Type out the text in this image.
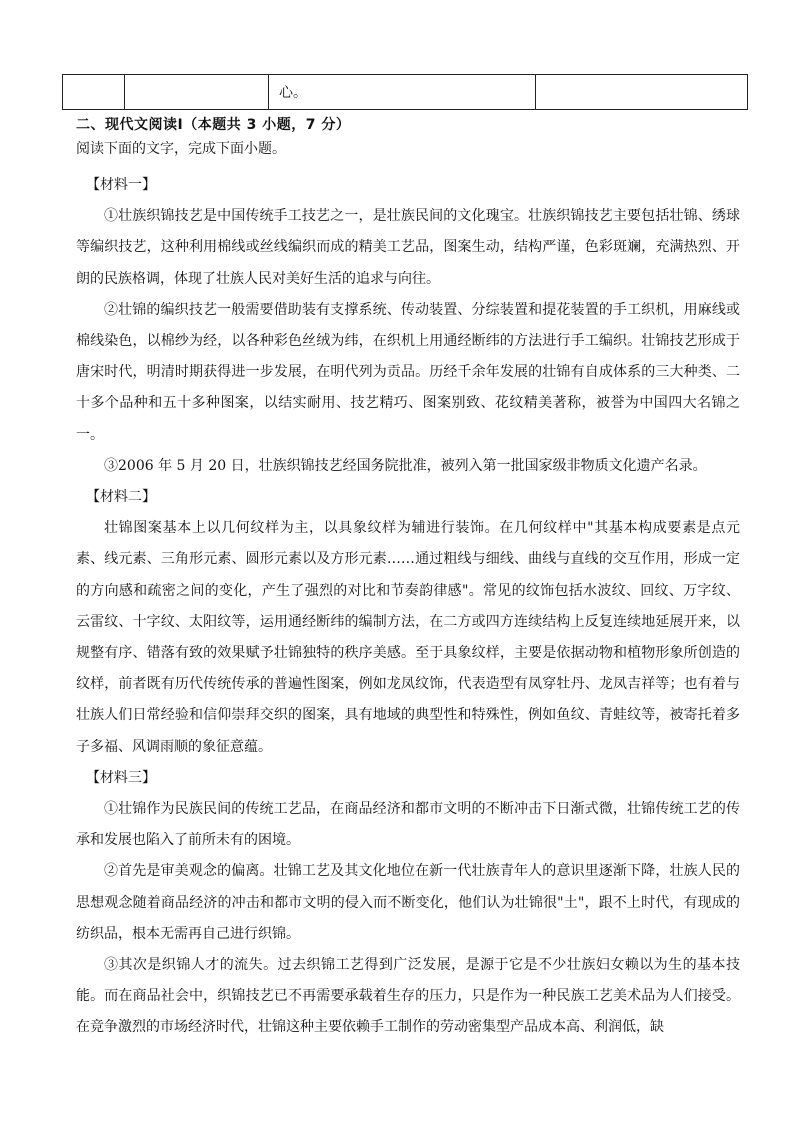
		心。	
二、现代文阅读Ⅰ（本题共 3 小题，7 分）
阅读下面的文字，完成下面小题。

【材料一】

①壮族织锦技艺是中国传统手工技艺之一，是壮族民间的文化瑰宝。壮族织锦技艺主要包括壮锦、绣球等编织技艺，这种利用棉线或丝线编织而成的精美工艺品，图案生动，结构严谨，色彩斑斓，充满热烈、开朗的民族格调，体现了壮族人民对美好生活的追求与向往。

②壮锦的编织技艺一般需要借助装有支撑系统、传动装置、分综装置和提花装置的手工织机，用麻线或棉线染色，以棉纱为经，以各种彩色丝绒为纬，在织机上用通经断纬的方法进行手工编织。壮锦技艺形成于唐宋时代，明清时期获得进一步发展，在明代列为贡品。历经千余年发展的壮锦有自成体系的三大种类、二十多个品种和五十多种图案，以结实耐用、技艺精巧、图案别致、花纹精美著称，被誉为中国四大名锦之一。

③2006 年 5 月 20 日，壮族织锦技艺经国务院批准，被列入第一批国家级非物质文化遗产名录。

【材料二】

壮锦图案基本上以几何纹样为主，以具象纹样为辅进行装饰。在几何纹样中"其基本构成要素是点元素、线元素、三角形元素、圆形元素以及方形元素……通过粗线与细线、曲线与直线的交互作用，形成一定的方向感和疏密之间的变化，产生了强烈的对比和节奏韵律感"。常见的纹饰包括水波纹、回纹、万字纹、云雷纹、十字纹、太阳纹等，运用通经断纬的编制方法，在二方或四方连续结构上反复连续地延展开来，以规整有序、错落有致的效果赋予壮锦独特的秩序美感。至于具象纹样，主要是依据动物和植物形象所创造的纹样，前者既有历代传统传承的普遍性图案，例如龙凤纹饰，代表造型有凤穿牡丹、龙凤吉祥等；也有着与壮族人们日常经验和信仰崇拜交织的图案，具有地域的典型性和特殊性，例如鱼纹、青蛙纹等，被寄托着多子多福、风调雨顺的象征意蕴。

【材料三】

①壮锦作为民族民间的传统工艺品，在商品经济和都市文明的不断冲击下日渐式微，壮锦传统工艺的传承和发展也陷入了前所未有的困境。

②首先是审美观念的偏离。壮锦工艺及其文化地位在新一代壮族青年人的意识里逐渐下降，壮族人民的思想观念随着商品经济的冲击和都市文明的侵入而不断变化，他们认为壮锦很"土"，跟不上时代，有现成的纺织品，根本无需再自己进行织锦。

③其次是织锦人才的流失。过去织锦工艺得到广泛发展，是源于它是不少壮族妇女赖以为生的基本技能。而在商品社会中，织锦技艺已不再需要承载着生存的压力，只是作为一种民族工艺美术品为人们接受。在竞争激烈的市场经济时代，壮锦这种主要依赖手工制作的劳动密集型产品成本高、利润低，缺
